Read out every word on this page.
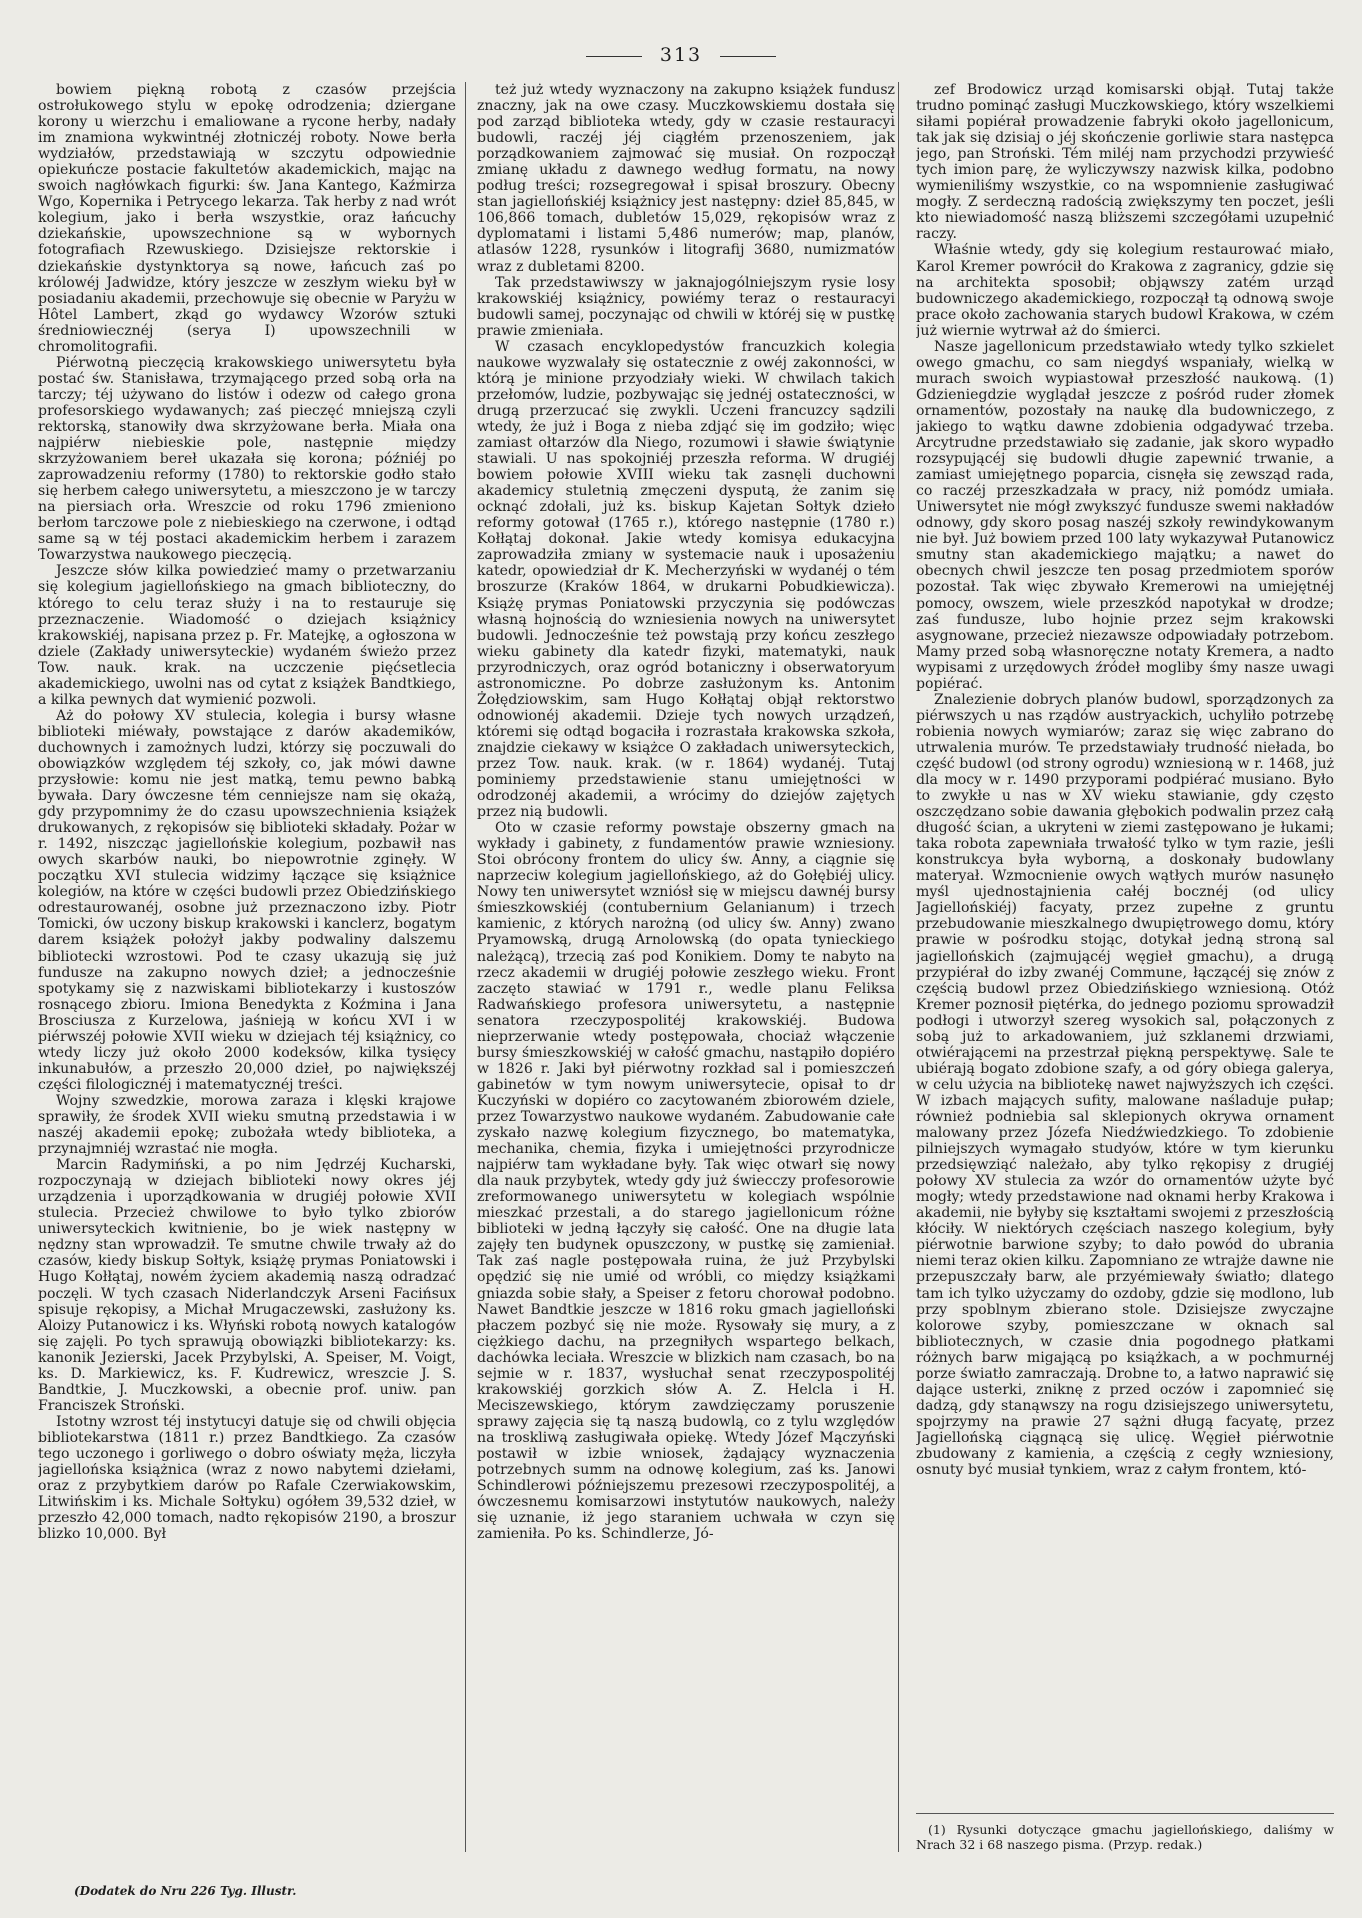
313

bowiem piękną robotą z czasów przejścia ostrołukowego stylu w epokę odrodzenia; dziergane korony u wierzchu i emaliowane a rycone herby, nadały im znamiona wykwintnéj złotniczéj roboty. Nowe berła wydziałów, przedstawiają w szczytu odpowiednie opiekuńcze postacie fakultetów akademickich, mając na swoich nagłówkach figurki: św. Jana Kantego, Kaźmirza Wgo, Kopernika i Petrycego lekarza. Tak herby z nad wrót kolegium, jako i berła wszystkie, oraz łańcuchy dziekańskie, upowszechnione są w wybornych fotografiach Rzewuskiego. Dzisiejsze rektorskie i dziekańskie dystynktorya są nowe, łańcuch zaś po królowéj Jadwidze, który jeszcze w zeszłym wieku był w posiadaniu akademii, przechowuje się obecnie w Paryżu w Hôtel Lambert, zkąd go wydawcy Wzorów sztuki średniowiecznéj (serya I) upowszechnili w chromolitografii.

Piérwotną pieczęcią krakowskiego uniwersytetu była postać św. Stanisława, trzymającego przed sobą orła na tarczy; téj używano do listów i odezw od całego grona profesorskiego wydawanych; zaś pieczęć mniejszą czyli rektorską, stanowiły dwa skrzyżowane berła. Miała ona najpiérw niebieskie pole, następnie między skrzyżowaniem bereł ukazała się korona; późniéj po zaprowadzeniu reformy (1780) to rektorskie godło stało się herbem całego uniwersytetu, a mieszczono je w tarczy na piersiach orła. Wreszcie od roku 1796 zmieniono berłom tarczowe pole z niebieskiego na czerwone, i odtąd same są w téj postaci akademickim herbem i zarazem Towarzystwa naukowego pieczęcią.

Jeszcze słów kilka powiedzieć mamy o przetwarzaniu się kolegium jagiellońskiego na gmach biblioteczny, do którego to celu teraz służy i na to restauruje się przeznaczenie. Wiadomość o dziejach książnicy krakowskiéj, napisana przez p. Fr. Matejkę, a ogłoszona w dziele (Zakłady uniwersyteckie) wydaném świeżo przez Tow. nauk. krak. na uczczenie pięćsetlecia akademickiego, uwolni nas od cytat z książek Bandtkiego, a kilka pewnych dat wymienić pozwoli.

Aż do połowy XV stulecia, kolegia i bursy własne biblioteki miéwały, powstające z darów akademików, duchownych i zamożnych ludzi, którzy się poczuwali do obowiązków względem téj szkoły, co, jak mówi dawne przysłowie: komu nie jest matką, temu pewno babką bywała. Dary ówczesne tém cenniejsze nam się okażą, gdy przypomnimy że do czasu upowszechnienia książek drukowanych, z rękopisów się biblioteki składały. Pożar w r. 1492, niszcząc jagiellońskie kolegium, pozbawił nas owych skarbów nauki, bo niepowrotnie zginęły. W początku XVI stulecia widzimy łączące się książnice kolegiów, na które w części budowli przez Obiedzińskiego odrestaurowanéj, osobne już przeznaczono izby. Piotr Tomicki, ów uczony biskup krakowski i kanclerz, bogatym darem książek położył jakby podwaliny dalszemu bibliotecki wzrostowi. Pod te czasy ukazują się już fundusze na zakupno nowych dzieł; a jednocześnie spotykamy się z nazwiskami bibliotekarzy i kustoszów rosnącego zbioru. Imiona Benedykta z Koźmina i Jana Brosciusza z Kurzelowa, jaśnieją w końcu XVI i w piérwszéj połowie XVII wieku w dziejach téj książnicy, co wtedy liczy już około 2000 kodeksów, kilka tysięcy inkunabułów, a przeszło 20,000 dzieł, po największéj części filologicznéj i matematycznéj treści.

Wojny szwedzkie, morowa zaraza i klęski krajowe sprawiły, że środek XVII wieku smutną przedstawia i w naszéj akademii epokę; zubożała wtedy biblioteka, a przynajmniéj wzrastać nie mogła.

Marcin Radymiński, a po nim Jędrzéj Kucharski, rozpoczynają w dziejach biblioteki nowy okres jéj urządzenia i uporządkowania w drugiéj połowie XVII stulecia. Przecież chwilowe to było tylko zbiorów uniwersyteckich kwitnienie, bo je wiek następny w nędzny stan wprowadził. Te smutne chwile trwały aż do czasów, kiedy biskup Sołtyk, książę prymas Poniatowski i Hugo Kołłątaj, nowém życiem akademią naszą odradzać poczęli. W tych czasach Niderlandczyk Arseni Facińsux spisuje rękopisy, a Michał Mrugaczewski, zasłużony ks. Aloizy Putanowicz i ks. Włyński robotą nowych katalogów się zajęli. Po tych sprawują obowiązki bibliotekarzy: ks. kanonik Jezierski, Jacek Przybylski, A. Speiser, M. Voigt, ks. D. Markiewicz, ks. F. Kudrewicz, wreszcie J. S. Bandtkie, J. Muczkowski, a obecnie prof. uniw. pan Franciszek Stroński.

Istotny wzrost téj instytucyi datuje się od chwili objęcia bibliotekarstwa (1811 r.) przez Bandtkiego. Za czasów tego uczonego i gorliwego o dobro oświaty męża, liczyła jagiellońska książnica (wraz z nowo nabytemi dziełami, oraz z przybytkiem darów po Rafale Czerwiakowskim, Litwińskim i ks. Michale Sołtyku) ogółem 39,532 dzieł, w przeszło 42,000 tomach, nadto rękopisów 2190, a broszur blizko 10,000. Był

też już wtedy wyznaczony na zakupno książek fundusz znaczny, jak na owe czasy. Muczkowskiemu dostała się pod zarząd biblioteka wtedy, gdy w czasie restauracyi budowli, raczéj jéj ciągłém przenoszeniem, jak porządkowaniem zajmować się musiał. On rozpoczął zmianę układu z dawnego według formatu, na nowy podług treści; rozsegregował i spisał broszury. Obecny stan jagiellońskiéj książnicy jest następny: dzieł 85,845, w 106,866 tomach, dubletów 15,029, rękopisów wraz z dyplomatami i listami 5,486 numerów; map, planów, atlasów 1228, rysunków i litografij 3680, numizmatów wraz z dubletami 8200.

Tak przedstawiwszy w jaknajogólniejszym rysie losy krakowskiéj książnicy, powiémy teraz o restauracyi budowli samej, poczynając od chwili w któréj się w pustkę prawie zmieniała.

W czasach encyklopedystów francuzkich kolegia naukowe wyzwalały się ostatecznie z owéj zakonności, w którą je minione przyodziały wieki. W chwilach takich przełomów, ludzie, pozbywając się jednéj ostateczności, w drugą przerzucać się zwykli. Uczeni francuzcy sądzili wtedy, że już i Boga z nieba zdjąć się im godziło; więc zamiast ołtarzów dla Niego, rozumowi i sławie świątynie stawiali. U nas spokojniéj przeszła reforma. W drugiéj bowiem połowie XVIII wieku tak zasnęli duchowni akademicy stuletnią zmęczeni dysputą, że zanim się ocknąć zdołali, już ks. biskup Kajetan Sołtyk dzieło reformy gotował (1765 r.), którego następnie (1780 r.) Kołłątaj dokonał. Jakie wtedy komisya edukacyjna zaprowadziła zmiany w systemacie nauk i uposażeniu katedr, opowiedział dr K. Mecherzyński w wydanéj o tém broszurze (Kraków 1864, w drukarni Pobudkiewicza). Książę prymas Poniatowski przyczynia się podówczas własną hojnością do wzniesienia nowych na uniwersytet budowli. Jednocześnie też powstają przy końcu zeszłego wieku gabinety dla katedr fizyki, matematyki, nauk przyrodniczych, oraz ogród botaniczny i obserwatoryum astronomiczne. Po dobrze zasłużonym ks. Antonim Żołędziowskim, sam Hugo Kołłątaj objął rektorstwo odnowionéj akademii. Dzieje tych nowych urządzeń, któremi się odtąd bogaciła i rozrastała krakowska szkoła, znajdzie ciekawy w książce O zakładach uniwersyteckich, przez Tow. nauk. krak. (w r. 1864) wydanéj. Tutaj pominiemy przedstawienie stanu umiejętności w odrodzonéj akademii, a wrócimy do dziejów zajętych przez nią budowli.

Oto w czasie reformy powstaje obszerny gmach na wykłady i gabinety, z fundamentów prawie wzniesiony. Stoi obrócony frontem do ulicy św. Anny, a ciągnie się naprzeciw kolegium jagiellońskiego, aż do Gołębiéj ulicy. Nowy ten uniwersytet wzniósł się w miejscu dawnéj bursy śmieszkowskiéj (contubernium Gelanianum) i trzech kamienic, z których narożną (od ulicy św. Anny) zwano Pryamowską, drugą Arnolowską (do opata tynieckiego należącą), trzecią zaś pod Konikiem. Domy te nabyto na rzecz akademii w drugiéj połowie zeszłego wieku. Front zaczęto stawiać w 1791 r., wedle planu Feliksa Radwańskiego profesora uniwersytetu, a następnie senatora rzeczypospolitéj krakowskiéj. Budowa nieprzerwanie wtedy postępowała, chociaż włączenie bursy śmieszkowskiéj w całość gmachu, nastąpiło dopiéro w 1826 r. Jaki był piérwotny rozkład sal i pomieszczeń gabinetów w tym nowym uniwersytecie, opisał to dr Kuczyński w dopiéro co zacytowaném zbiorowém dziele, przez Towarzystwo naukowe wydaném. Zabudowanie całe zyskało nazwę kolegium fizycznego, bo matematyka, mechanika, chemia, fizyka i umiejętności przyrodnicze najpiérw tam wykładane były. Tak więc otwarł się nowy dla nauk przybytek, wtedy gdy już świecczy profesorowie zreformowanego uniwersytetu w kolegiach wspólnie mieszkać przestali, a do starego jagiellonicum różne biblioteki w jedną łączyły się całość. One na długie lata zajęły ten budynek opuszczony, w pustkę się zamieniał. Tak zaś nagle postępowała ruina, że już Przybylski opędzić się nie umié od wróbli, co między książkami gniazda sobie słały, a Speiser z fetoru chorował podobno. Nawet Bandtkie jeszcze w 1816 roku gmach jagielloński płaczem pozbyć się nie może. Rysowały się mury, a z ciężkiego dachu, na przegniłych wspartego belkach, dachówka leciała. Wreszcie w blizkich nam czasach, bo na sejmie w r. 1837, wysłuchał senat rzeczypospolitéj krakowskiéj gorzkich słów A. Z. Helcla i H. Meciszewskiego, którym zawdzięczamy poruszenie sprawy zajęcia się tą naszą budowlą, co z tylu względów na troskliwą zasługiwała opiekę. Wtedy Józef Mączyński postawił w izbie wniosek, żądający wyznaczenia potrzebnych summ na odnowę kolegium, zaś ks. Janowi Schindlerowi późniejszemu prezesowi rzeczypospolitéj, a ówczesnemu komisarzowi instytutów naukowych, należy się uznanie, iż jego staraniem uchwała w czyn się zamieniła. Po ks. Schindlerze, Jó-

zef Brodowicz urząd komisarski objął. Tutaj także trudno pominąć zasługi Muczkowskiego, który wszelkiemi siłami popiérał prowadzenie fabryki około jagellonicum, tak jak się dzisiaj o jéj skończenie gorliwie stara następca jego, pan Stroński. Tém miléj nam przychodzi przywieść tych imion parę, że wyliczywszy nazwisk kilka, podobno wymieniliśmy wszystkie, co na wspomnienie zasługiwać mogły. Z serdeczną radością zwiększymy ten poczet, jeśli kto niewiadomość naszą bliższemi szczegółami uzupełnić raczy.

Właśnie wtedy, gdy się kolegium restaurować miało, Karol Kremer powrócił do Krakowa z zagranicy, gdzie się na architekta sposobił; objąwszy zatém urząd budowniczego akademickiego, rozpoczął tą odnową swoje prace około zachowania starych budowl Krakowa, w czém już wiernie wytrwał aż do śmierci.

Nasze jagellonicum przedstawiało wtedy tylko szkielet owego gmachu, co sam niegdyś wspaniały, wielką w murach swoich wypiastował przeszłość naukową. (1) Gdzieniegdzie wyglądał jeszcze z pośród ruder złomek ornamentów, pozostały na naukę dla budowniczego, z jakiego to wątku dawne zdobienia odgadywać trzeba. Arcytrudne przedstawiało się zadanie, jak skoro wypadło rozsypującéj się budowli długie zapewnić trwanie, a zamiast umiejętnego poparcia, cisnęła się zewsząd rada, co raczéj przeszkadzała w pracy, niż pomódz umiała. Uniwersytet nie mógł zwykszyć fundusze swemi nakładów odnowy, gdy skoro posag naszéj szkoły rewindykowanym nie był. Już bowiem przed 100 laty wykazywał Putanowicz smutny stan akademickiego majątku; a nawet do obecnych chwil jeszcze ten posag przedmiotem sporów pozostał. Tak więc zbywało Kremerowi na umiejętnéj pomocy, owszem, wiele przeszkód napotykał w drodze; zaś fundusze, lubo hojnie przez sejm krakowski asygnowane, przecież niezawsze odpowiadały potrzebom. Mamy przed sobą własnoręczne notaty Kremera, a nadto wypisami z urzędowych źródeł mogliby śmy nasze uwagi popiérać.

Znalezienie dobrych planów budowl, sporządzonych za piérwszych u nas rządów austryackich, uchyliło potrzebę robienia nowych wymiarów; zaraz się więc zabrano do utrwalenia murów. Te przedstawiały trudność niełada, bo część budowl (od strony ogrodu) wzniesioną w r. 1468, już dla mocy w r. 1490 przyporami podpiérać musiano. Było to zwykłe u nas w XV wieku stawianie, gdy często oszczędzano sobie dawania głębokich podwalin przez całą długość ścian, a ukryteni w ziemi zastępowano je łukami; taka robota zapewniała trwałość tylko w tym razie, jeśli konstrukcya była wyborną, a doskonały budowlany materyał. Wzmocnienie owych wątłych murów nasunęło myśl ujednostajnienia całéj bocznéj (od ulicy Jagiellońskiéj) facyaty, przez zupełne z gruntu przebudowanie mieszkalnego dwupiętrowego domu, który prawie w pośrodku stojąc, dotykał jedną stroną sal jagiellońskich (zajmującéj węgieł gmachu), a drugą przypiérał do izby zwanéj Commune, łączącéj się znów z częścią budowl przez Obiedzińskiego wzniesioną. Otóż Kremer poznosił piętérka, do jednego poziomu sprowadził podłogi i utworzył szereg wysokich sal, połączonych z sobą już to arkadowaniem, już szklanemi drzwiami, otwiérającemi na przestrzał piękną perspektywę. Sale te ubiérają bogato zdobione szafy, a od góry obiega galerya, w celu użycia na bibliotekę nawet najwyższych ich części. W izbach mających sufity, malowane naśladuje pułap; również podniebia sal sklepionych okrywa ornament malowany przez Józefa Niedźwiedzkiego. To zdobienie pilniejszych wymagało studyów, które w tym kierunku przedsięwziąć należało, aby tylko rękopisy z drugiéj połowy XV stulecia za wzór do ornamentów użyte być mogły; wtedy przedstawione nad oknami herby Krakowa i akademii, nie byłyby się kształtami swojemi z przeszłością kłóciły. W niektórych częściach naszego kolegium, były piérwotnie barwione szyby; to dało powód do ubrania niemi teraz okien kilku. Zapomniano ze wtrajże dawne nie przepuszczały barw, ale przyémiewały światło; dlatego tam ich tylko użyczamy do ozdoby, gdzie się modlono, lub przy spoblnym zbierano stole. Dzisiejsze zwyczajne kolorowe szyby, pomieszczane w oknach sal bibliotecznych, w czasie dnia pogodnego płatkami różnych barw migającą po książkach, a w pochmurnéj porze światło zamraczają. Drobne to, a łatwo naprawić się dające usterki, zniknę z przed oczów i zapomnieć się dadzą, gdy stanąwszy na rogu dzisiejszego uniwersytetu, spojrzymy na prawie 27 sążni długą facyatę, przez Jagiellońską ciągnącą się ulicę. Węgieł piérwotnie zbudowany z kamienia, a częścią z cegły wzniesiony, osnuty być musiał tynkiem, wraz z całym frontem, któ-

(1) Rysunki dotyczące gmachu jagiellońskiego, daliśmy w Nrach 32 i 68 naszego pisma. (Przyp. redak.)

(Dodatek do Nru 226 Tyg. Illustr.
